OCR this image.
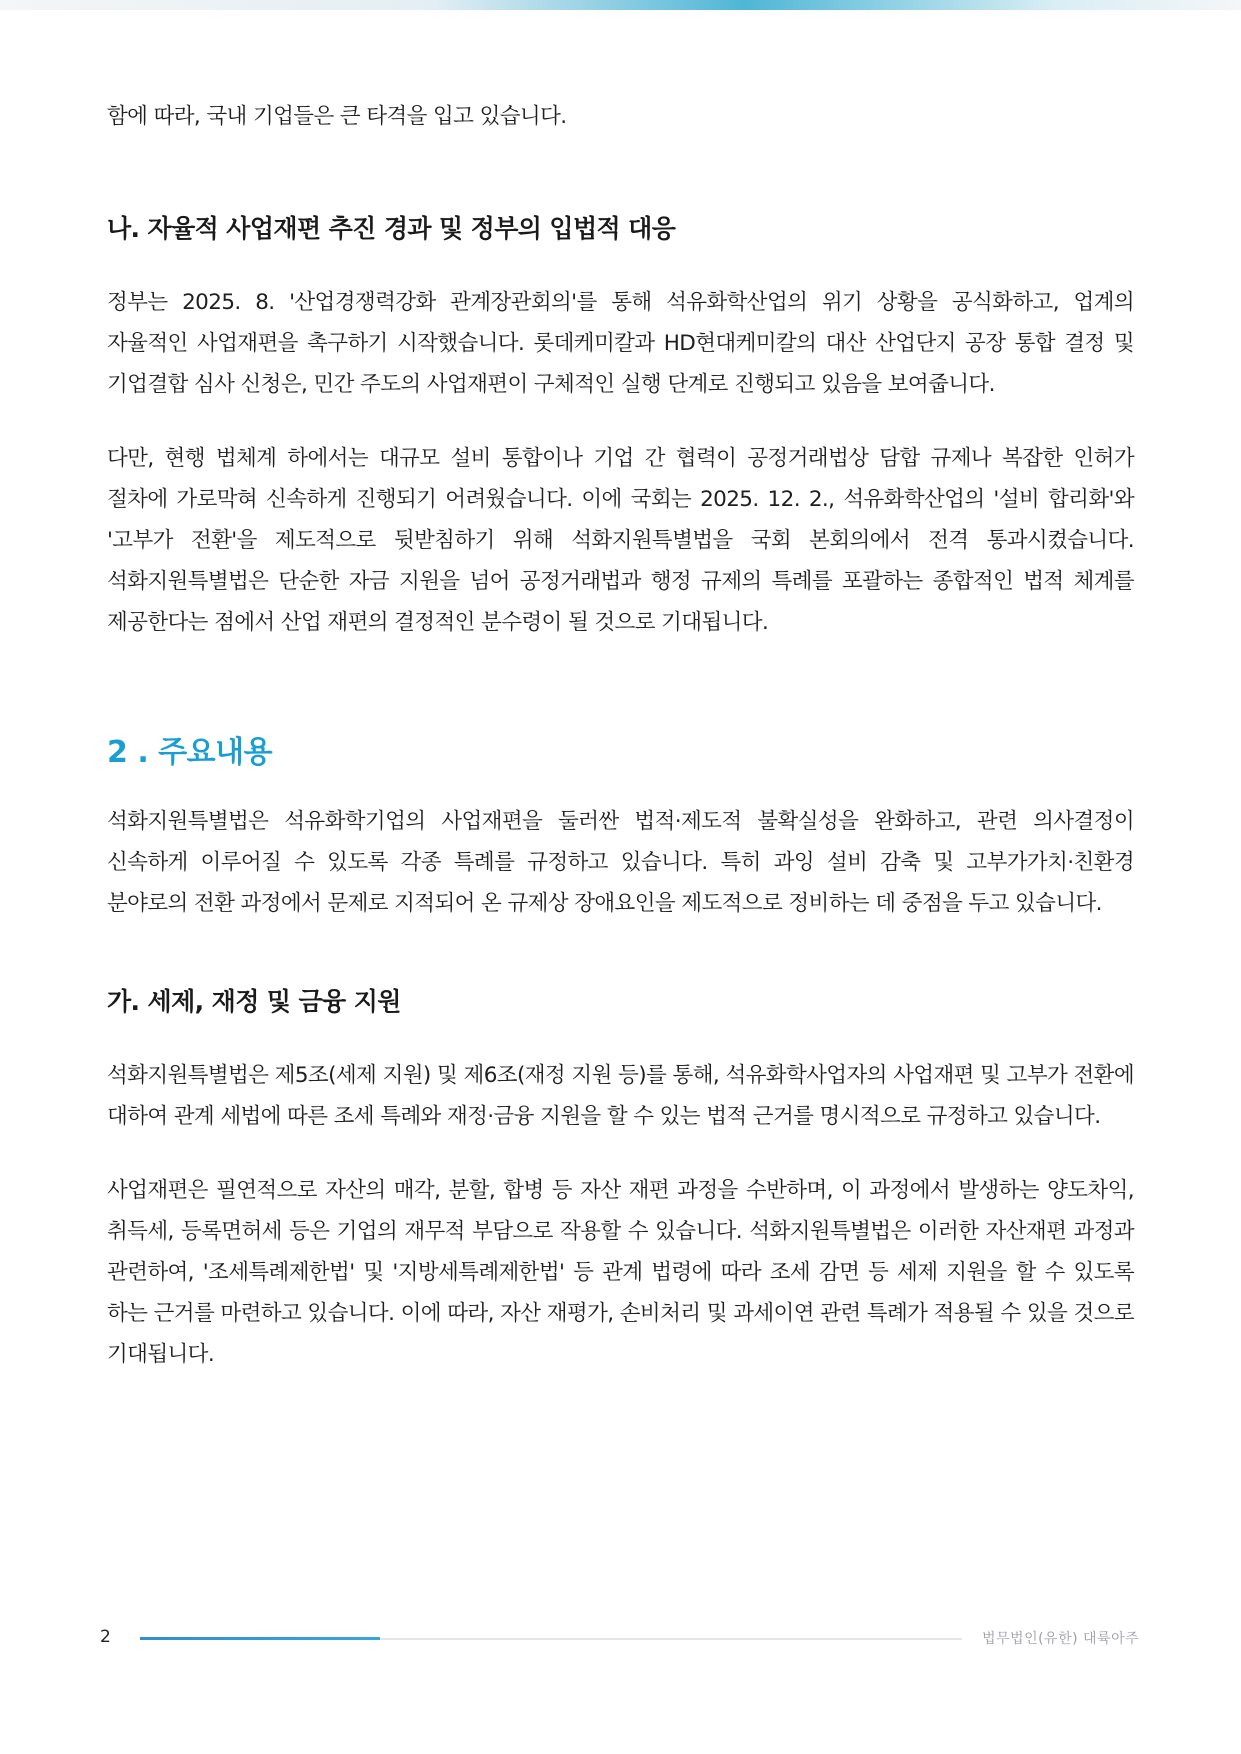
함에 따라, 국내 기업들은 큰 타격을 입고 있습니다.

나. 자율적 사업재편 추진 경과 및 정부의 입법적 대응

정부는 2025. 8. '산업경쟁력강화 관계장관회의'를 통해 석유화학산업의 위기 상황을 공식화하고, 업계의 자율적인 사업재편을 촉구하기 시작했습니다. 롯데케미칼과 HD현대케미칼의 대산 산업단지 공장 통합 결정 및 기업결합 심사 신청은, 민간 주도의 사업재편이 구체적인 실행 단계로 진행되고 있음을 보여줍니다.

다만, 현행 법체계 하에서는 대규모 설비 통합이나 기업 간 협력이 공정거래법상 담합 규제나 복잡한 인허가 절차에 가로막혀 신속하게 진행되기 어려웠습니다. 이에 국회는 2025. 12. 2., 석유화학산업의 '설비 합리화'와 '고부가 전환'을 제도적으로 뒷받침하기 위해 석화지원특별법을 국회 본회의에서 전격 통과시켰습니다. 석화지원특별법은 단순한 자금 지원을 넘어 공정거래법과 행정 규제의 특례를 포괄하는 종합적인 법적 체계를 제공한다는 점에서 산업 재편의 결정적인 분수령이 될 것으로 기대됩니다.

2 . 주요내용

석화지원특별법은 석유화학기업의 사업재편을 둘러싼 법적·제도적 불확실성을 완화하고, 관련 의사결정이 신속하게 이루어질 수 있도록 각종 특례를 규정하고 있습니다. 특히 과잉 설비 감축 및 고부가가치·친환경 분야로의 전환 과정에서 문제로 지적되어 온 규제상 장애요인을 제도적으로 정비하는 데 중점을 두고 있습니다.

가. 세제, 재정 및 금융 지원

석화지원특별법은 제5조(세제 지원) 및 제6조(재정 지원 등)를 통해, 석유화학사업자의 사업재편 및 고부가 전환에 대하여 관계 세법에 따른 조세 특례와 재정·금융 지원을 할 수 있는 법적 근거를 명시적으로 규정하고 있습니다.

사업재편은 필연적으로 자산의 매각, 분할, 합병 등 자산 재편 과정을 수반하며, 이 과정에서 발생하는 양도차익, 취득세, 등록면허세 등은 기업의 재무적 부담으로 작용할 수 있습니다. 석화지원특별법은 이러한 자산재편 과정과 관련하여, '조세특례제한법' 및 '지방세특례제한법' 등 관계 법령에 따라 조세 감면 등 세제 지원을 할 수 있도록 하는 근거를 마련하고 있습니다. 이에 따라, 자산 재평가, 손비처리 및 과세이연 관련 특례가 적용될 수 있을 것으로 기대됩니다.

2	법무법인(유한) 대륙아주
